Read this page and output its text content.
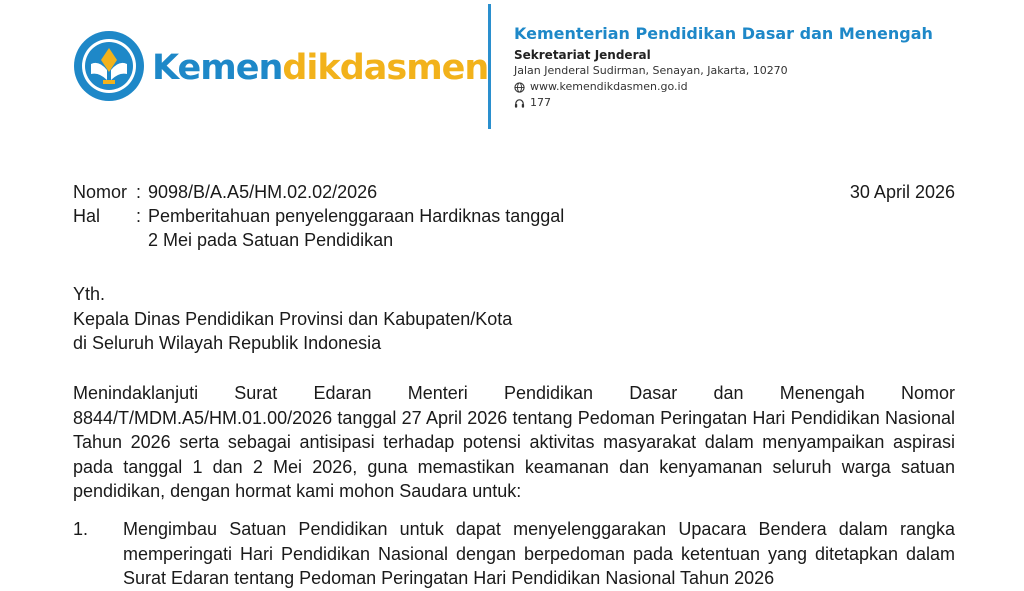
Kemendikdasmen
Kementerian Pendidikan Dasar dan Menengah
Sekretariat Jenderal
Jalan Jenderal Sudirman, Senayan, Jakarta, 10270
www.kemendikdasmen.go.id
177
Nomor : 9098/B/A.A5/HM.02.02/2026
Hal	: Pemberitahuan penyelenggaraan Hardiknas tanggal 2 Mei pada Satuan Pendidikan
30 April 2026
Yth.
Kepala Dinas Pendidikan Provinsi dan Kabupaten/Kota
di Seluruh Wilayah Republik Indonesia
Menindaklanjuti Surat Edaran Menteri Pendidikan Dasar dan Menengah Nomor 8844/T/MDM.A5/HM.01.00/2026 tanggal 27 April 2026 tentang Pedoman Peringatan Hari Pendidikan Nasional Tahun 2026 serta sebagai antisipasi terhadap potensi aktivitas masyarakat dalam menyampaikan aspirasi pada tanggal 1 dan 2 Mei 2026, guna memastikan keamanan dan kenyamanan seluruh warga satuan pendidikan, dengan hormat kami mohon Saudara untuk:
1.	Mengimbau Satuan Pendidikan untuk dapat menyelenggarakan Upacara Bendera dalam rangka memperingati Hari Pendidikan Nasional dengan berpedoman pada ketentuan yang ditetapkan dalam Surat Edaran tentang Pedoman Peringatan Hari Pendidikan Nasional Tahun 2026
